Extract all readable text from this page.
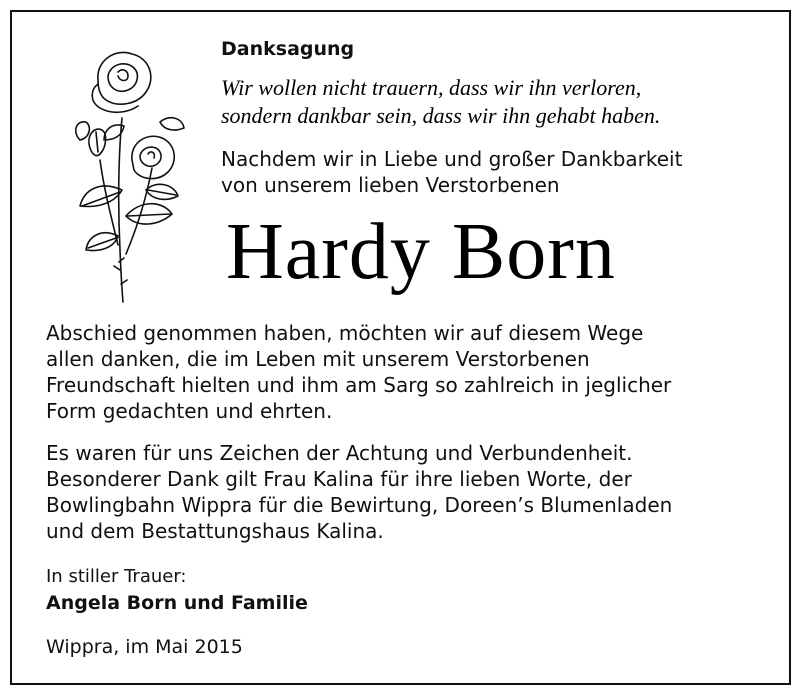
Danksagung
Wir wollen nicht trauern, dass wir ihn verloren,
sondern dankbar sein, dass wir ihn gehabt haben.
Nachdem wir in Liebe und großer Dankbarkeit
von unserem lieben Verstorbenen
Hardy Born
Abschied genommen haben, möchten wir auf diesem Wege
allen danken, die im Leben mit unserem Verstorbenen
Freundschaft hielten und ihm am Sarg so zahlreich in jeglicher
Form gedachten und ehrten.
Es waren für uns Zeichen der Achtung und Verbundenheit.
Besonderer Dank gilt Frau Kalina für ihre lieben Worte, der
Bowlingbahn Wippra für die Bewirtung, Doreen’s Blumenladen
und dem Bestattungshaus Kalina.
In stiller Trauer:
Angela Born und Familie
Wippra, im Mai 2015
